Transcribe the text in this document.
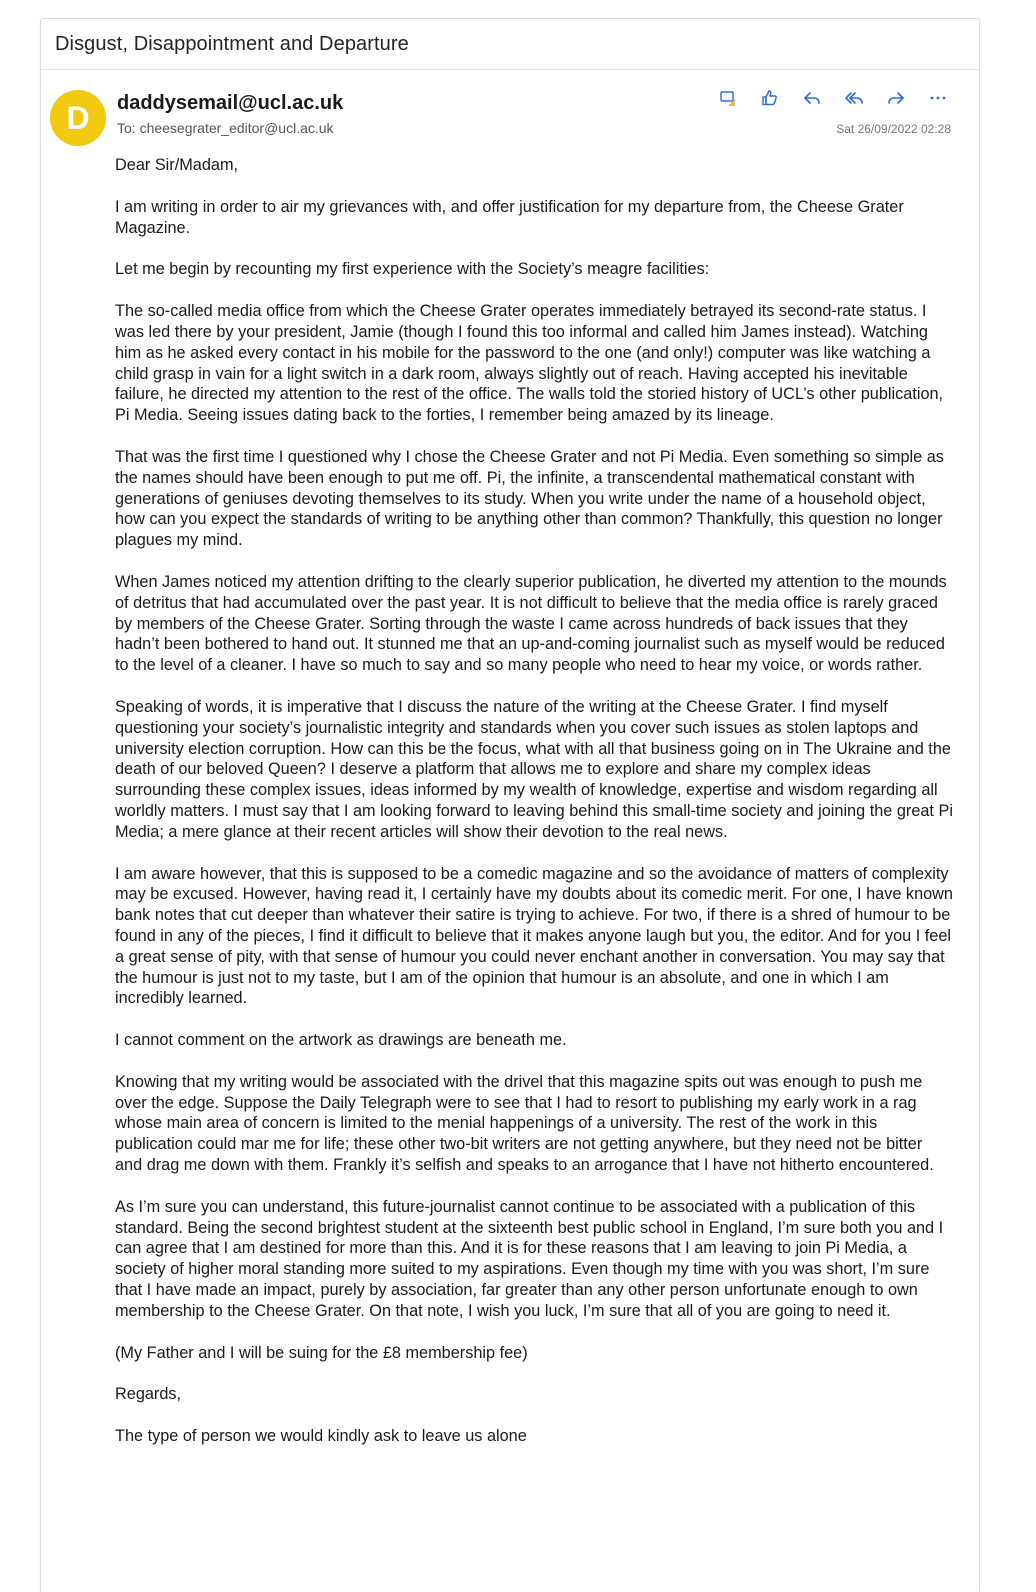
Disgust, Disappointment and Departure
D	daddysemail@ucl.ac.uk
To: cheesegrater_editor@ucl.ac.uk	Sat 26/09/2022 02:28

Dear Sir/Madam,

I am writing in order to air my grievances with, and offer justification for my departure from, the Cheese Grater Magazine.

Let me begin by recounting my first experience with the Society’s meagre facilities:

The so-called media office from which the Cheese Grater operates immediately betrayed its second-rate status. I was led there by your president, Jamie (though I found this too informal and called him James instead). Watching him as he asked every contact in his mobile for the password to the one (and only!) computer was like watching a child grasp in vain for a light switch in a dark room, always slightly out of reach. Having accepted his inevitable failure, he directed my attention to the rest of the office. The walls told the storied history of UCL’s other publication, Pi Media. Seeing issues dating back to the forties, I remember being amazed by its lineage.

That was the first time I questioned why I chose the Cheese Grater and not Pi Media. Even something so simple as the names should have been enough to put me off. Pi, the infinite, a transcendental mathematical constant with generations of geniuses devoting themselves to its study. When you write under the name of a household object, how can you expect the standards of writing to be anything other than common? Thankfully, this question no longer plagues my mind.

When James noticed my attention drifting to the clearly superior publication, he diverted my attention to the mounds of detritus that had accumulated over the past year. It is not difficult to believe that the media office is rarely graced by members of the Cheese Grater. Sorting through the waste I came across hundreds of back issues that they hadn’t been bothered to hand out. It stunned me that an up-and-coming journalist such as myself would be reduced to the level of a cleaner. I have so much to say and so many people who need to hear my voice, or words rather.

Speaking of words, it is imperative that I discuss the nature of the writing at the Cheese Grater. I find myself questioning your society’s journalistic integrity and standards when you cover such issues as stolen laptops and university election corruption. How can this be the focus, what with all that business going on in The Ukraine and the death of our beloved Queen? I deserve a platform that allows me to explore and share my complex ideas surrounding these complex issues, ideas informed by my wealth of knowledge, expertise and wisdom regarding all worldly matters. I must say that I am looking forward to leaving behind this small-time society and joining the great Pi Media; a mere glance at their recent articles will show their devotion to the real news.

I am aware however, that this is supposed to be a comedic magazine and so the avoidance of matters of complexity may be excused. However, having read it, I certainly have my doubts about its comedic merit. For one, I have known bank notes that cut deeper than whatever their satire is trying to achieve. For two, if there is a shred of humour to be found in any of the pieces, I find it difficult to believe that it makes anyone laugh but you, the editor. And for you I feel a great sense of pity, with that sense of humour you could never enchant another in conversation. You may say that the humour is just not to my taste, but I am of the opinion that humour is an absolute, and one in which I am incredibly learned.

I cannot comment on the artwork as drawings are beneath me.

Knowing that my writing would be associated with the drivel that this magazine spits out was enough to push me over the edge. Suppose the Daily Telegraph were to see that I had to resort to publishing my early work in a rag whose main area of concern is limited to the menial happenings of a university. The rest of the work in this publication could mar me for life; these other two-bit writers are not getting anywhere, but they need not be bitter and drag me down with them. Frankly it’s selfish and speaks to an arrogance that I have not hitherto encountered.

As I’m sure you can understand, this future-journalist cannot continue to be associated with a publication of this standard. Being the second brightest student at the sixteenth best public school in England, I’m sure both you and I can agree that I am destined for more than this. And it is for these reasons that I am leaving to join Pi Media, a society of higher moral standing more suited to my aspirations. Even though my time with you was short, I’m sure that I have made an impact, purely by association, far greater than any other person unfortunate enough to own membership to the Cheese Grater. On that note, I wish you luck, I’m sure that all of you are going to need it.

(My Father and I will be suing for the £8 membership fee)

Regards,

The type of person we would kindly ask to leave us alone
